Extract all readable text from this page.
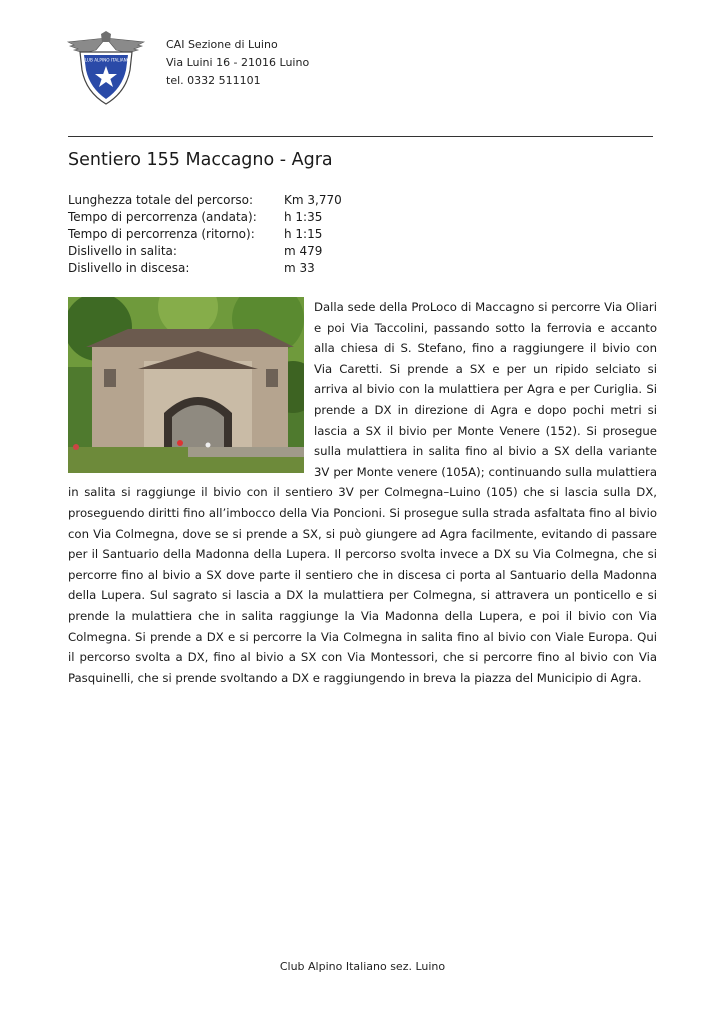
CLUB ALPINO ITALIANO
CAI Sezione di Luino
Via Luini 16 - 21016 Luino
tel. 0332 511101
Sentiero 155 Maccagno - Agra
Lunghezza totale del percorso:	Km 3,770
Tempo di percorrenza (andata):	h 1:35
Tempo di percorrenza (ritorno):	h 1:15
Dislivello in salita:	m 479
Dislivello in discesa:	m 33

Dalla sede della ProLoco di Maccagno si percorre Via Oliari e poi Via Taccolini, passando sotto la ferrovia e accanto alla chiesa di S. Stefano, fino a raggiungere il bivio con Via Caretti. Si prende a SX e per un ripido selciato si arriva al bivio con la mulattiera per Agra e per Curiglia. Si prende a DX in direzione di Agra e dopo pochi metri si lascia a SX il bivio per Monte Venere (152). Si prosegue sulla mulattiera in salita fino al bivio a SX della variante 3V per Monte venere (105A); continuando sulla mulattiera in salita si raggiunge il bivio con il sentiero 3V per Colmegna–Luino (105) che si lascia sulla DX, proseguendo diritti fino all’imbocco della Via Poncioni. Si prosegue sulla strada asfaltata fino al bivio con Via Colmegna, dove se si prende a SX, si può giungere ad Agra facilmente, evitando di passare per il Santuario della Madonna della Lupera. Il percorso svolta invece a DX su Via Colmegna, che si percorre fino al bivio a SX dove parte il sentiero che in discesa ci porta al Santuario della Madonna della Lupera. Sul sagrato si lascia a DX la mulattiera per Colmegna, si attravera un ponticello e si prende la mulattiera che in salita raggiunge la Via Madonna della Lupera, e poi il bivio con Via Colmegna. Si prende a DX e si percorre la Via Colmegna in salita fino al bivio con Viale Europa. Qui il percorso svolta a DX, fino al bivio a SX con Via Montessori, che si percorre fino al bivio con Via Pasquinelli, che si prende svoltando a DX e raggiungendo in breva la piazza del Municipio di Agra.

Club Alpino Italiano sez. Luino
